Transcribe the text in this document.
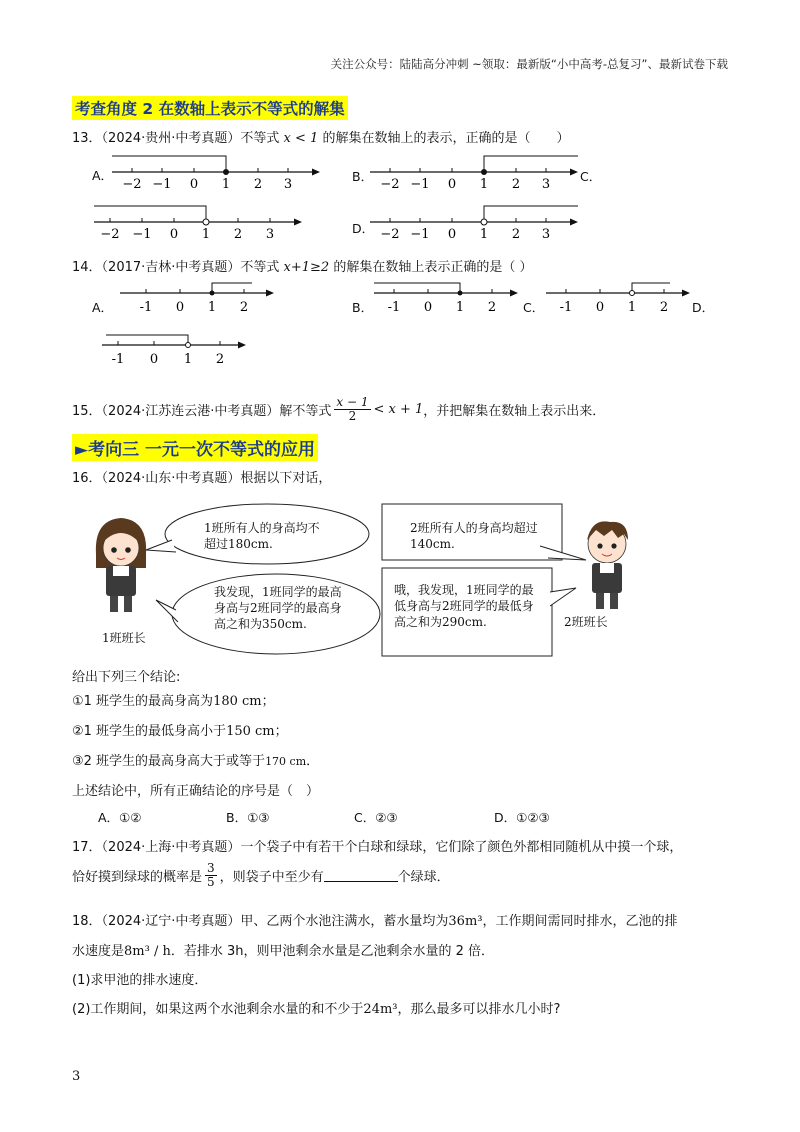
关注公众号：陆陆高分冲刺 ~领取：最新版“小中高考-总复习”、最新试卷下载
考查角度 2 在数轴上表示不等式的解集
13．（2024·贵州·中考真题）不等式 x < 1 的解集在数轴上的表示，正确的是（　　）
A．	B．	C．
D．
−2 −1 0 1 2 3	−2 −1 0 1 2 3
−2 −1 0 1 2 3	−2 −1 0 1 2 3
14．（2017·吉林·中考真题）不等式 x+1≥2 的解集在数轴上表示正确的是（ ）
A．	B．	C．	D．
-1 0 1 2	-1 0 1 2	-1 0 1 2
-1 0 1 2
15．（2024·江苏连云港·中考真题）解不等式 $\frac{x - 1}{2} < x + 1$ ，并把解集在数轴上表示出来．
►考向三 一元一次不等式的应用
16．（2024·山东·中考真题）根据以下对话，
1班班长
1班所有人的身高均不超过180cm.
我发现，1班同学的最高身高与2班同学的最高身高之和为350cm.
2班所有人的身高均超过140cm.
哦，我发现，1班同学的最低身高与2班同学的最低身高之和为290cm.	2班班长
给出下列三个结论:
①1 班学生的最高身高为180 cm；
②1 班学生的最低身高小于150 cm；
③2 班学生的最高身高大于或等于170 cm．
上述结论中，所有正确结论的序号是（　）
A．①②	B．①③	C．②③	D．①②③
17．（2024·上海·中考真题）一个袋子中有若干个白球和绿球，它们除了颜色外都相同随机从中摸一个球，
恰好摸到绿球的概率是 $\frac{3}{5}$ ，则袋子中至少有	个绿球．
18．（2024·辽宁·中考真题）甲、乙两个水池注满水，蓄水量均为36m³，工作期间需同时排水，乙池的排
水速度是8m³ / h．若排水 3h，则甲池剩余水量是乙池剩余水量的 2 倍．
(1)求甲池的排水速度．
(2)工作期间，如果这两个水池剩余水量的和不少于24m³，那么最多可以排水几小时?
3
